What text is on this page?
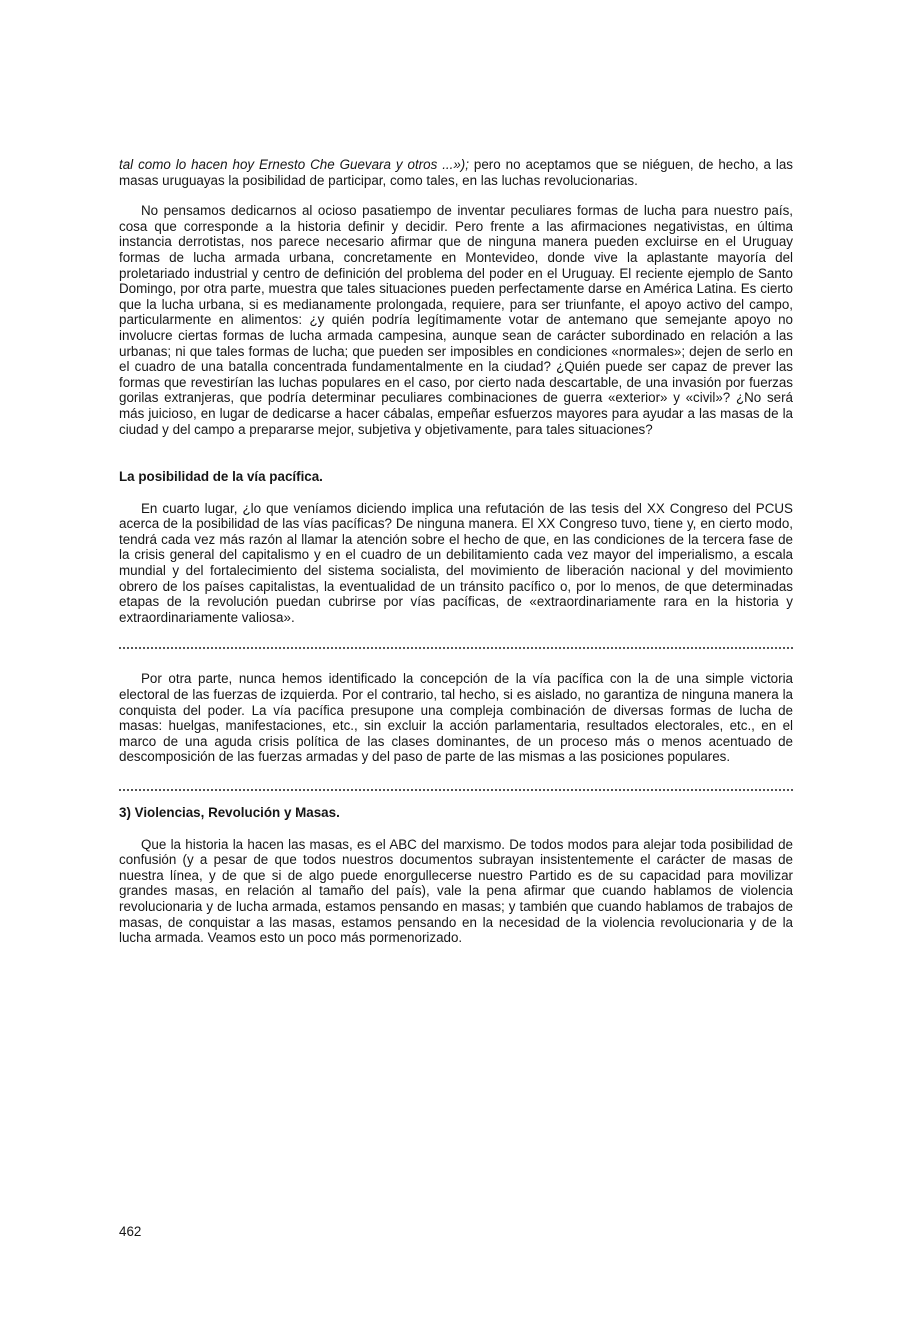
tal como lo hacen hoy Ernesto Che Guevara y otros ...»); pero no aceptamos que se niéguen, de hecho, a las masas uruguayas la posibilidad de participar, como tales, en las luchas revolucionarias.

No pensamos dedicarnos al ocioso pasatiempo de inventar peculiares formas de lucha para nuestro país, cosa que corresponde a la historia definir y decidir. Pero frente a las afirmaciones negativistas, en última instancia derrotistas, nos parece necesario afirmar que de ninguna manera pueden excluirse en el Uruguay formas de lucha armada urbana, concretamente en Montevideo, donde vive la aplastante mayoría del proletariado industrial y centro de definición del problema del poder en el Uruguay. El reciente ejemplo de Santo Domingo, por otra parte, muestra que tales situaciones pueden perfectamente darse en América Latina. Es cierto que la lucha urbana, si es medianamente prolongada, requiere, para ser triunfante, el apoyo activo del campo, particularmente en alimentos: ¿y quién podría legítimamente votar de antemano que semejante apoyo no involucre ciertas formas de lucha armada campesina, aunque sean de carácter subordinado en relación a las urbanas; ni que tales formas de lucha; que pueden ser imposibles en condiciones «normales»; dejen de serlo en el cuadro de una batalla concentrada fundamentalmente en la ciudad? ¿Quién puede ser capaz de prever las formas que revestirían las luchas populares en el caso, por cierto nada descartable, de una invasión por fuerzas gorilas extranjeras, que podría determinar peculiares combinaciones de guerra «exterior» y «civil»? ¿No será más juicioso, en lugar de dedicarse a hacer cábalas, empeñar esfuerzos mayores para ayudar a las masas de la ciudad y del campo a prepararse mejor, subjetiva y objetivamente, para tales situaciones?

La posibilidad de la vía pacífica.

En cuarto lugar, ¿lo que veníamos diciendo implica una refutación de las tesis del XX Congreso del PCUS acerca de la posibilidad de las vías pacíficas? De ninguna manera. El XX Congreso tuvo, tiene y, en cierto modo, tendrá cada vez más razón al llamar la atención sobre el hecho de que, en las condiciones de la tercera fase de la crisis general del capitalismo y en el cuadro de un debilitamiento cada vez mayor del imperialismo, a escala mundial y del fortalecimiento del sistema socialista, del movimiento de liberación nacional y del movimiento obrero de los países capitalistas, la eventualidad de un tránsito pacífico o, por lo menos, de que determinadas etapas de la revolución puedan cubrirse por vías pacíficas, de «extraordinariamente rara en la historia y extraordinariamente valiosa».

Por otra parte, nunca hemos identificado la concepción de la vía pacífica con la de una simple victoria electoral de las fuerzas de izquierda. Por el contrario, tal hecho, si es aislado, no garantiza de ninguna manera la conquista del poder. La vía pacífica presupone una compleja combinación de diversas formas de lucha de masas: huelgas, manifestaciones, etc., sin excluir la acción parlamentaria, resultados electorales, etc., en el marco de una aguda crisis política de las clases dominantes, de un proceso más o menos acentuado de descomposición de las fuerzas armadas y del paso de parte de las mismas a las posiciones populares.

3) Violencias, Revolución y Masas.

Que la historia la hacen las masas, es el ABC del marxismo. De todos modos para alejar toda posibilidad de confusión (y a pesar de que todos nuestros documentos subrayan insistentemente el carácter de masas de nuestra línea, y de que si de algo puede enorgullecerse nuestro Partido es de su capacidad para movilizar grandes masas, en relación al tamaño del país), vale la pena afirmar que cuando hablamos de violencia revolucionaria y de lucha armada, estamos pensando en masas; y también que cuando hablamos de trabajos de masas, de conquistar a las masas, estamos pensando en la necesidad de la violencia revolucionaria y de la lucha armada. Veamos esto un poco más pormenorizado.

462
